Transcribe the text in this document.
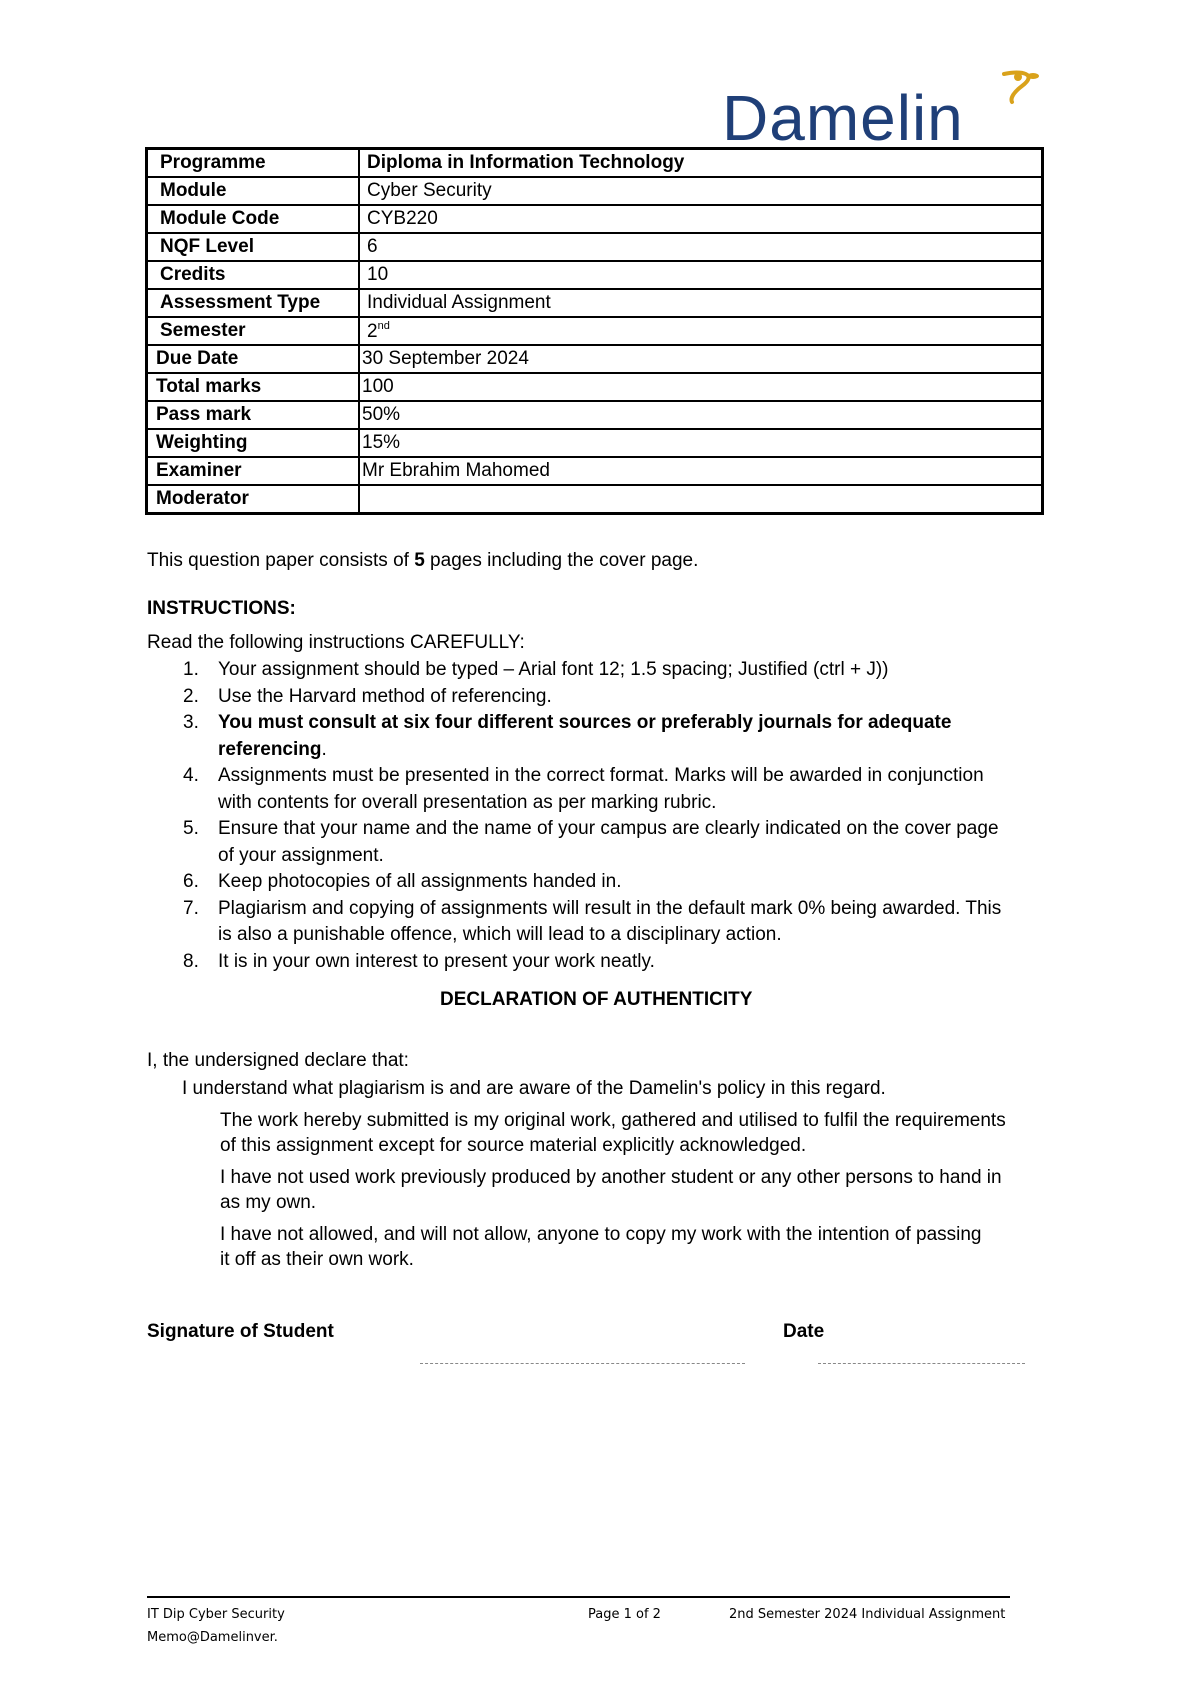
Damelin
Programme	Diploma in Information Technology
Module	Cyber Security
Module Code	CYB220
NQF Level	6
Credits	10
Assessment Type	Individual Assignment
Semester	2nd
Due Date	30 September 2024
Total marks	100
Pass mark	50%
Weighting	15%
Examiner	Mr Ebrahim Mahomed
Moderator	
This question paper consists of 5 pages including the cover page.
INSTRUCTIONS:
Read the following instructions CAREFULLY:
1. Your assignment should be typed – Arial font 12; 1.5 spacing; Justified (ctrl + J))
2. Use the Harvard method of referencing.
3. You must consult at six four different sources or preferably journals for adequate
referencing.
4. Assignments must be presented in the correct format. Marks will be awarded in conjunction
with contents for overall presentation as per marking rubric.
5. Ensure that your name and the name of your campus are clearly indicated on the cover page
of your assignment.
6. Keep photocopies of all assignments handed in.
7. Plagiarism and copying of assignments will result in the default mark 0% being awarded. This
is also a punishable offence, which will lead to a disciplinary action.
8. It is in your own interest to present your work neatly.
DECLARATION OF AUTHENTICITY
I, the undersigned declare that:
I understand what plagiarism is and are aware of the Damelin's policy in this regard.
The work hereby submitted is my original work, gathered and utilised to fulfil the requirements
of this assignment except for source material explicitly acknowledged.
I have not used work previously produced by another student or any other persons to hand in
as my own.
I have not allowed, and will not allow, anyone to copy my work with the intention of passing
it off as their own work.
Signature of Student	Date
IT Dip Cyber Security
Memo@Damelinver.
Page 1 of 2	2nd Semester 2024 Individual Assignment
